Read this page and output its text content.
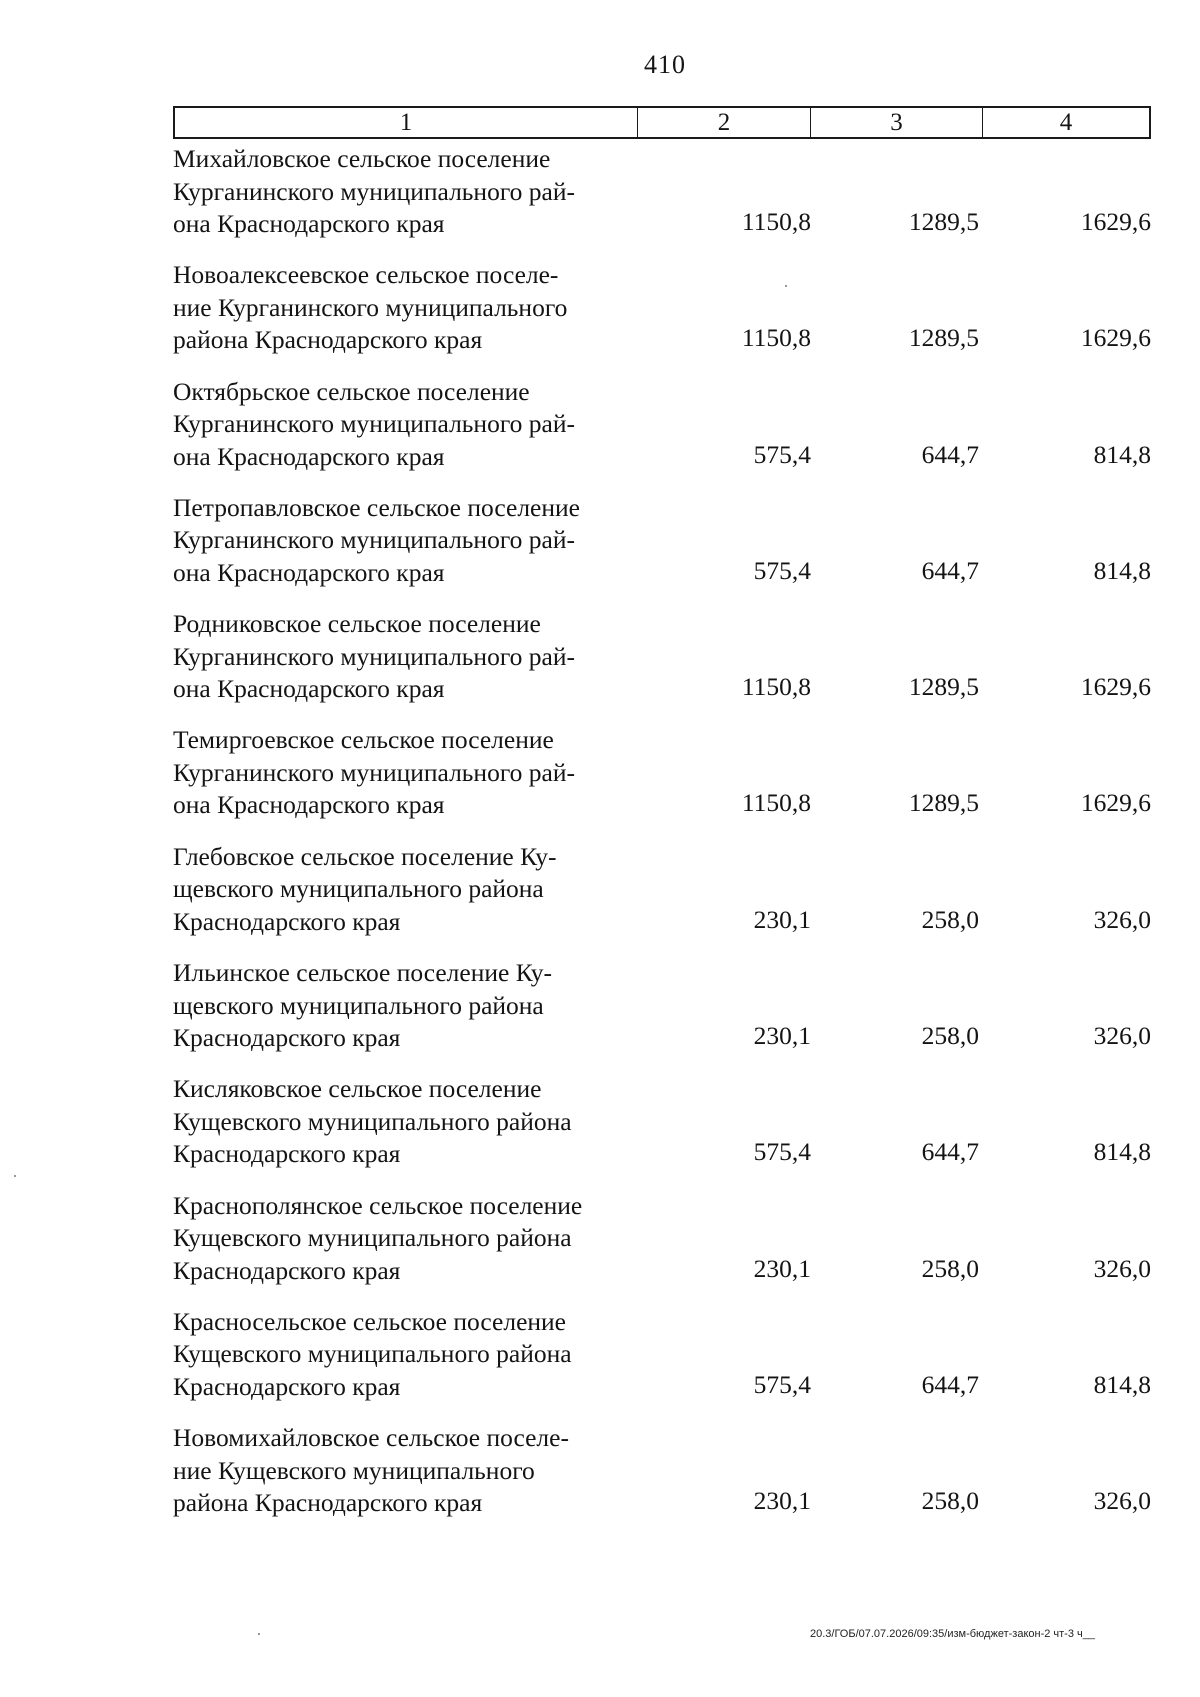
410
1	2	3	4
Михайловское сельское поселение
Курганинского муниципального рай-
она Краснодарского края	1150,8	1289,5	1629,6
Новоалексеевское сельское поселе-
ние Курганинского муниципального
района Краснодарского края	1150,8	1289,5	1629,6
Октябрьское сельское поселение
Курганинского муниципального рай-
она Краснодарского края	575,4	644,7	814,8
Петропавловское сельское поселение
Курганинского муниципального рай-
она Краснодарского края	575,4	644,7	814,8
Родниковское сельское поселение
Курганинского муниципального рай-
она Краснодарского края	1150,8	1289,5	1629,6
Темиргоевское сельское поселение
Курганинского муниципального рай-
она Краснодарского края	1150,8	1289,5	1629,6
Глебовское сельское поселение Ку-
щевского муниципального района
Краснодарского края	230,1	258,0	326,0
Ильинское сельское поселение Ку-
щевского муниципального района
Краснодарского края	230,1	258,0	326,0
Кисляковское сельское поселение
Кущевского муниципального района
Краснодарского края	575,4	644,7	814,8
Краснополянское сельское поселение
Кущевского муниципального района
Краснодарского края	230,1	258,0	326,0
Красносельское сельское поселение
Кущевского муниципального района
Краснодарского края	575,4	644,7	814,8
Новомихайловское сельское поселе-
ние Кущевского муниципального
района Краснодарского края	230,1	258,0	326,0
20.3/ГОБ/07.07.2026/09:35/изм-бюджет-закон-2 чт-3 ч__
